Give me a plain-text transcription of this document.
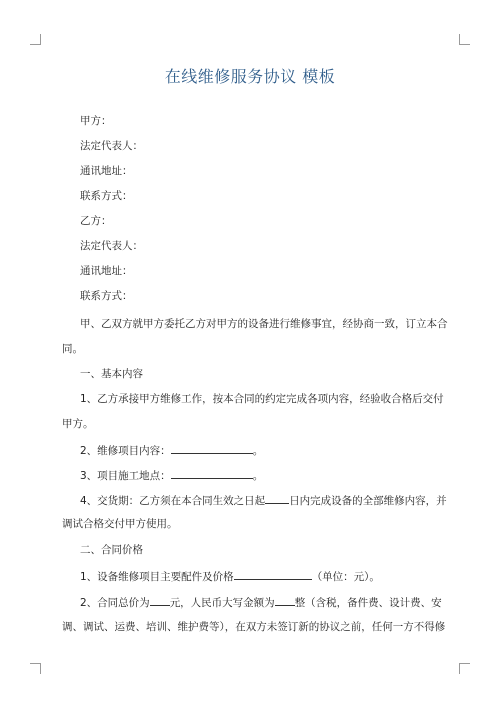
在线维修服务协议 模板
甲方：
法定代表人：
通讯地址：
联系方式：
乙方：
法定代表人：
通讯地址：
联系方式：
甲、乙双方就甲方委托乙方对甲方的设备进行维修事宜，经协商一致，订立本合
同。
一、基本内容
1、乙方承接甲方维修工作，按本合同的约定完成各项内容，经验收合格后交付
甲方。
2、维修项目内容：	。
3、项目施工地点：	。
4、交货期：乙方须在本合同生效之日起 日内完成设备的全部维修内容，并
调试合格交付甲方使用。
二、合同价格
1、设备维修项目主要配件及价格	（单位：元）。
2、合同总价为 元，人民币大写金额为 整（含税，备件费、设计费、安
调、调试、运费、培训、维护费等），在双方未签订新的协议之前，任何一方不得修
